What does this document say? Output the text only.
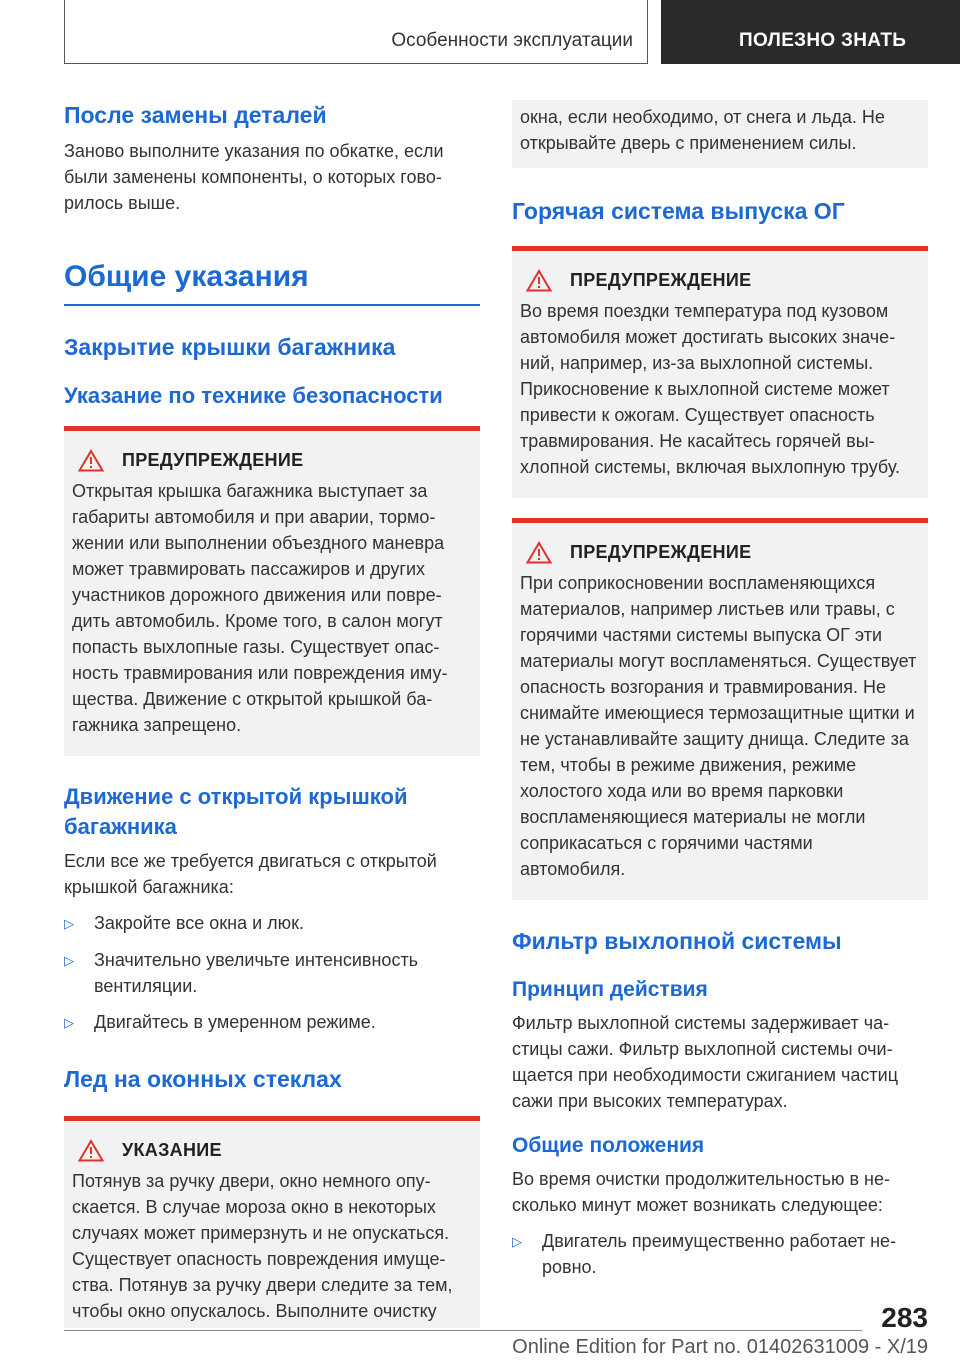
Особенности эксплуатации	ПОЛЕЗНО ЗНАТЬ
После замены деталей

Заново выполните указания по обкатке, если были заменены компоненты, о которых говорилось выше.

Общие указания
Закрытие крышки багажника
Указание по технике безопасности
ПРЕДУПРЕЖДЕНИЕ

Открытая крышка багажника выступает за габариты автомобиля и при аварии, торможении или выполнении объездного маневра может травмировать пассажиров и других участников дорожного движения или повредить автомобиль. Кроме того, в салон могут попасть выхлопные газы. Существует опасность травмирования или повреждения имущества. Движение с открытой крышкой багажника запрещено.

Движение с открытой крышкой багажника

Если все же требуется двигаться с открытой крышкой багажника:

▷	Закройте все окна и люк.
▷	Значительно увеличьте интенсивность вентиляции.
▷	Двигайтесь в умеренном режиме.
Лед на оконных стеклах
УКАЗАНИЕ

Потянув за ручку двери, окно немного опускается. В случае мороза окно в некоторых случаях может примерзнуть и не опускаться. Существует опасность повреждения имущества. Потянув за ручку двери следите за тем, чтобы окно опускалось. Выполните очистку

окна, если необходимо, от снега и льда. Не открывайте дверь с применением силы.

Горячая система выпуска ОГ
ПРЕДУПРЕЖДЕНИЕ

Во время поездки температура под кузовом автомобиля может достигать высоких значений, например, из-за выхлопной системы. Прикосновение к выхлопной системе может привести к ожогам. Существует опасность травмирования. Не касайтесь горячей выхлопной системы, включая выхлопную трубу.

ПРЕДУПРЕЖДЕНИЕ

При соприкосновении воспламеняющихся материалов, например листьев или травы, с горячими частями системы выпуска ОГ эти материалы могут воспламеняться. Существует опасность возгорания и травмирования. Не снимайте имеющиеся термозащитные щитки и не устанавливайте защиту днища. Следите за тем, чтобы в режиме движения, режиме холостого хода или во время парковки воспламеняющиеся материалы не могли соприкасаться с горячими частями автомобиля.

Фильтр выхлопной системы
Принцип действия

Фильтр выхлопной системы задерживает частицы сажи. Фильтр выхлопной системы очищается при необходимости сжиганием частиц сажи при высоких температурах.

Общие положения

Во время очистки продолжительностью в несколько минут может возникать следующее:

▷	Двигатель преимущественно работает неровно.
283
Online Edition for Part no. 01402631009 - X/19
